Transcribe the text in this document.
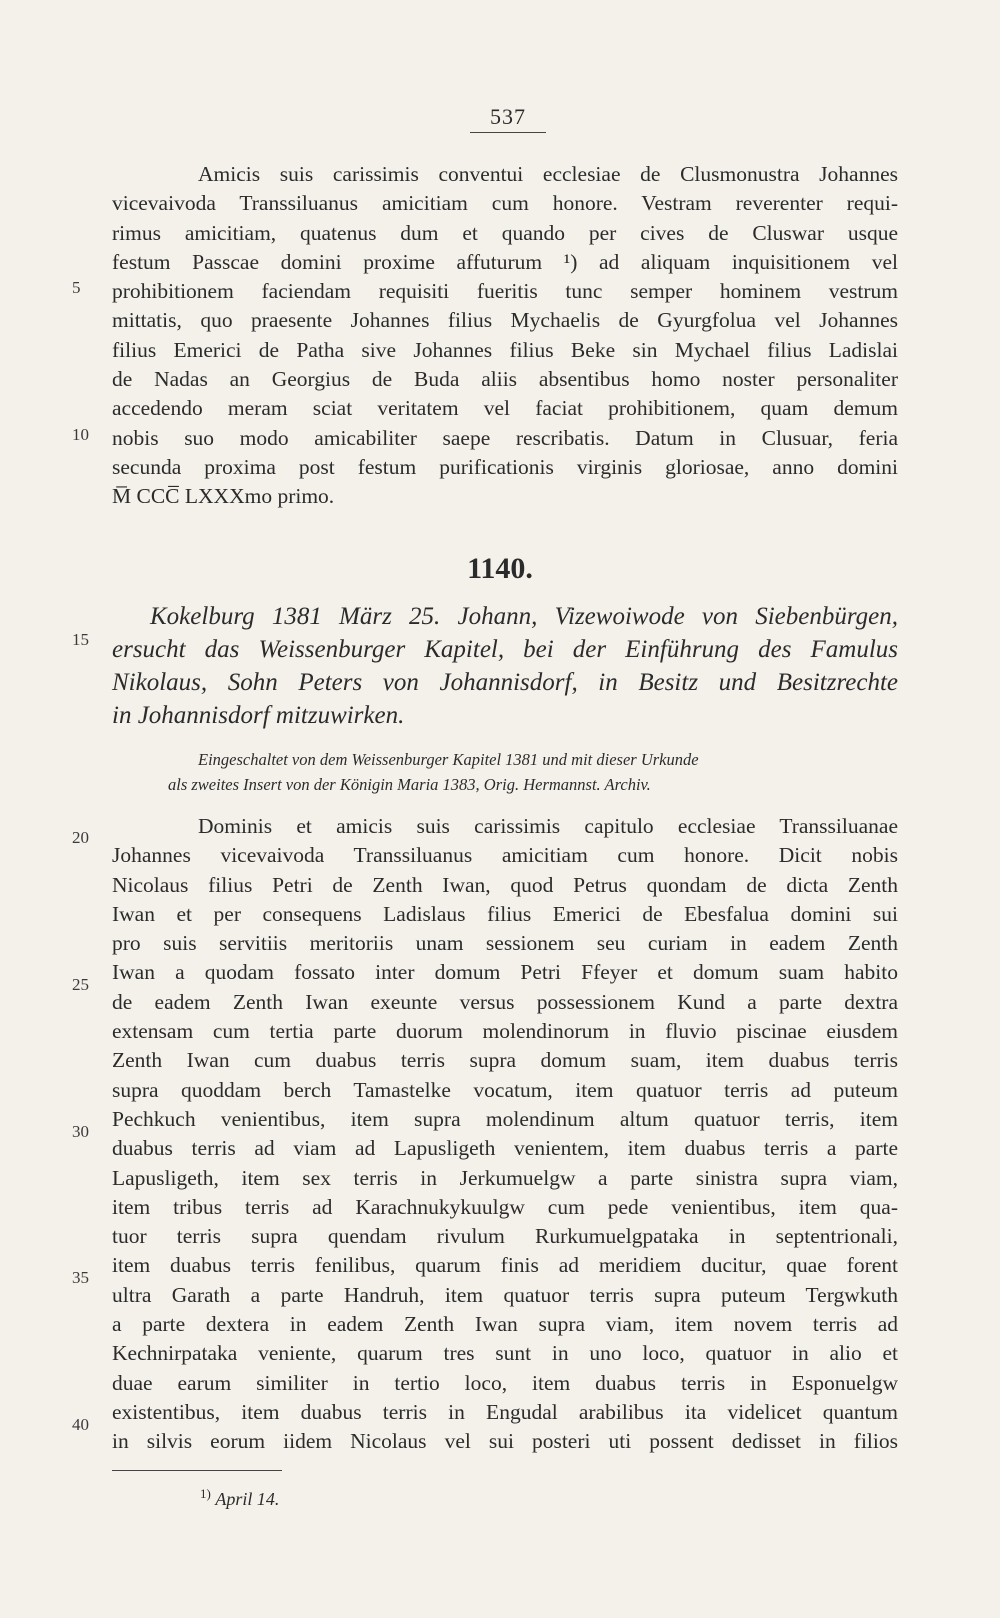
537
Amicis suis carissimis conventui ecclesiae de Clusmonustra Johannes
vicevaivoda Transsiluanus amicitiam cum honore. Vestram reverenter requi-
rimus amicitiam, quatenus dum et quando per cives de Cluswar usque
festum Passcae domini proxime affuturum ¹) ad aliquam inquisitionem vel
prohibitionem faciendam requisiti fueritis tunc semper hominem vestrum
mittatis, quo praesente Johannes filius Mychaelis de Gyurgfolua vel Johannes
filius Emerici de Patha sive Johannes filius Beke sin Mychael filius Ladislai
de Nadas an Georgius de Buda aliis absentibus homo noster personaliter
accedendo meram sciat veritatem vel faciat prohibitionem, quam demum
nobis suo modo amicabiliter saepe rescribatis. Datum in Clusuar, feria
secunda proxima post festum purificationis virginis gloriosae, anno domini
M̅ CCC̅ LXXXmo primo.
1140.
Kokelburg 1381 März 25. Johann, Vizewoiwode von Siebenbürgen,
ersucht das Weissenburger Kapitel, bei der Einführung des Famulus
Nikolaus, Sohn Peters von Johannisdorf, in Besitz und Besitzrechte
in Johannisdorf mitzuwirken.
Eingeschaltet von dem Weissenburger Kapitel 1381 und mit dieser Urkunde
als zweites Insert von der Königin Maria 1383, Orig. Hermannst. Archiv.
Dominis et amicis suis carissimis capitulo ecclesiae Transsiluanae
Johannes vicevaivoda Transsiluanus amicitiam cum honore. Dicit nobis
Nicolaus filius Petri de Zenth Iwan, quod Petrus quondam de dicta Zenth
Iwan et per consequens Ladislaus filius Emerici de Ebesfalua domini sui
pro suis servitiis meritoriis unam sessionem seu curiam in eadem Zenth
Iwan a quodam fossato inter domum Petri Ffeyer et domum suam habito
de eadem Zenth Iwan exeunte versus possessionem Kund a parte dextra
extensam cum tertia parte duorum molendinorum in fluvio piscinae eiusdem
Zenth Iwan cum duabus terris supra domum suam, item duabus terris
supra quoddam berch Tamastelke vocatum, item quatuor terris ad puteum
Pechkuch venientibus, item supra molendinum altum quatuor terris, item
duabus terris ad viam ad Lapusligeth venientem, item duabus terris a parte
Lapusligeth, item sex terris in Jerkumuelgw a parte sinistra supra viam,
item tribus terris ad Karachnukykuulgw cum pede venientibus, item qua-
tuor terris supra quendam rivulum Rurkumuelgpataka in septentrionali,
item duabus terris fenilibus, quarum finis ad meridiem ducitur, quae forent
ultra Garath a parte Handruh, item quatuor terris supra puteum Tergwkuth
a parte dextera in eadem Zenth Iwan supra viam, item novem terris ad
Kechnirpataka veniente, quarum tres sunt in uno loco, quatuor in alio et
duae earum similiter in tertio loco, item duabus terris in Esponuelgw
existentibus, item duabus terris in Engudal arabilibus ita videlicet quantum
in silvis eorum iidem Nicolaus vel sui posteri uti possent dedisset in filios
5
10
15
20
25
30
35
40
$^{1)}$ April 14.
